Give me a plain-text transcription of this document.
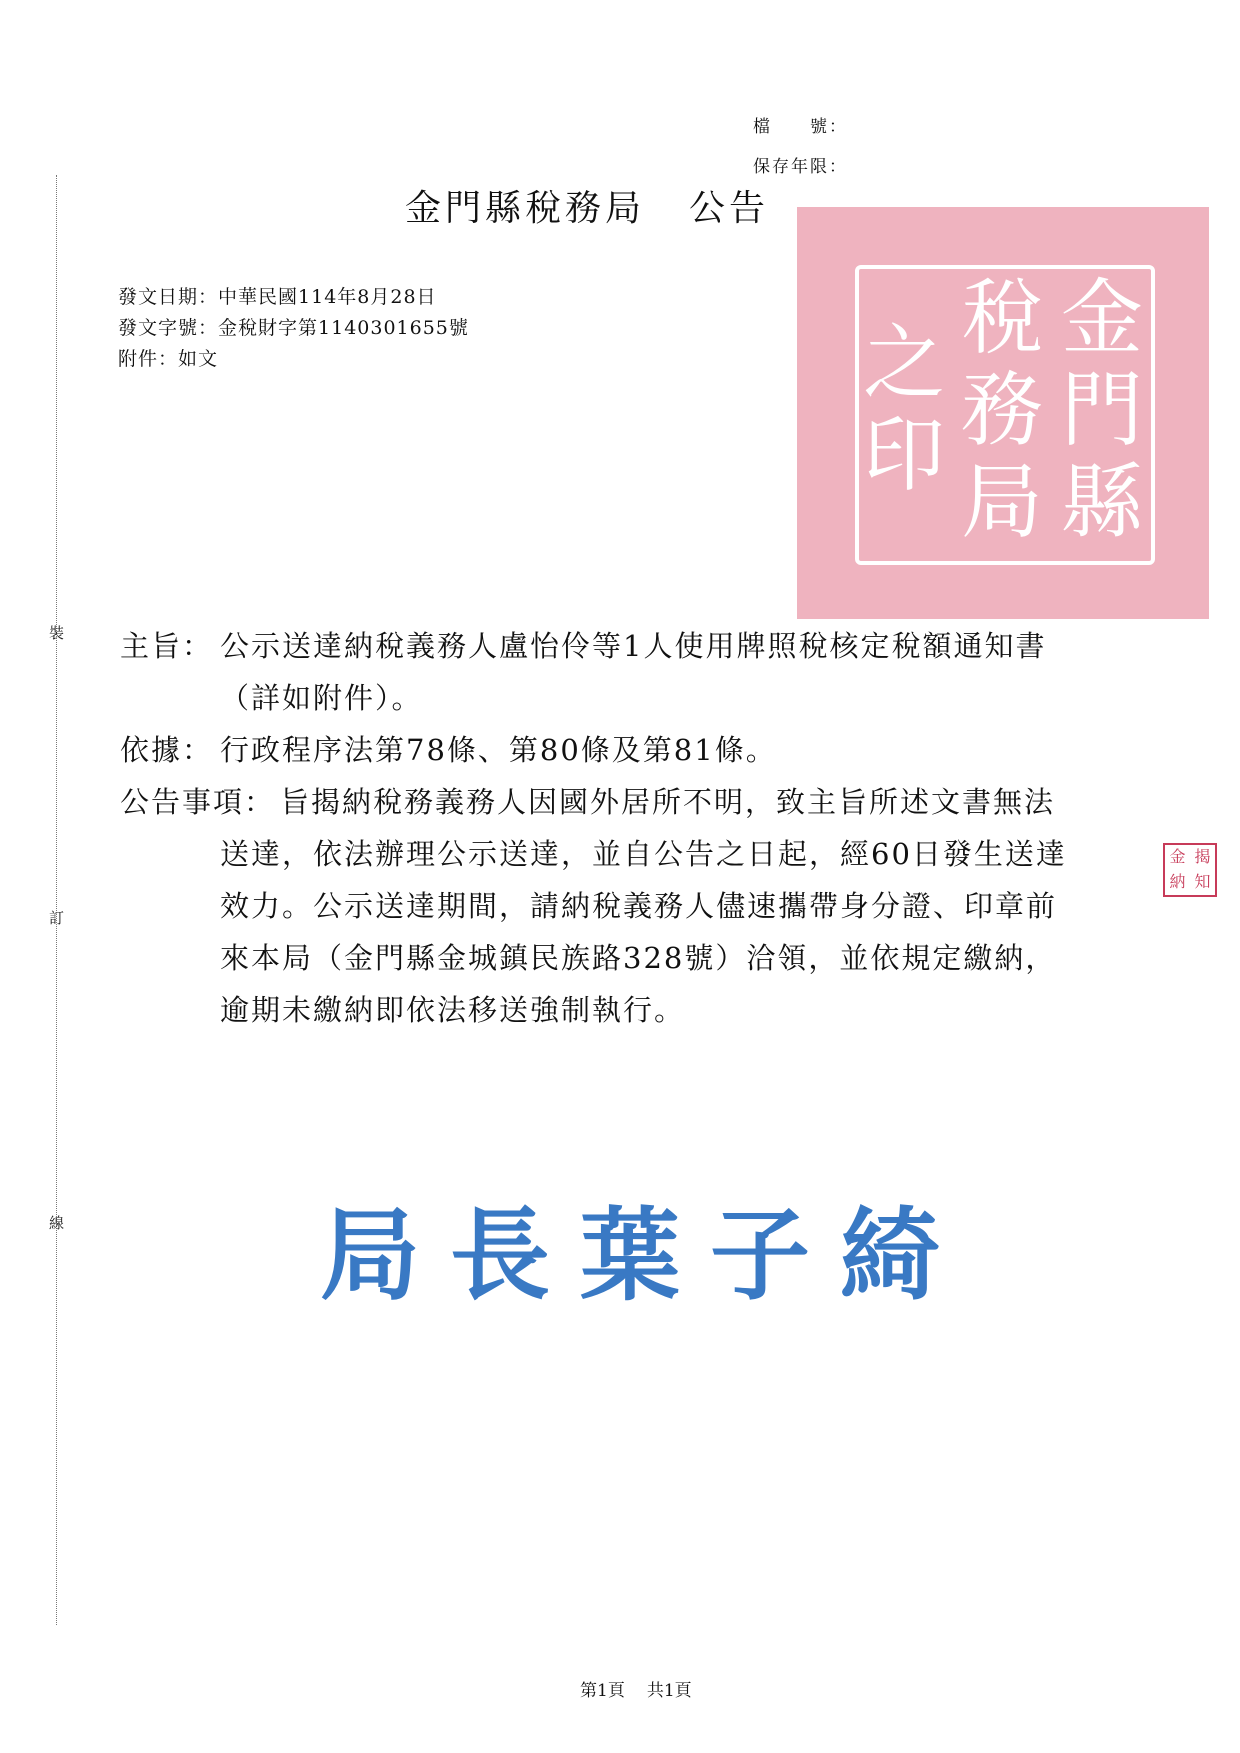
裝
訂
線
檔　　號：
保存年限：
金
門
縣
稅
務
局
之
印
金門縣稅務局 公告
發文日期：中華民國114年8月28日
發文字號：金稅財字第1140301655號
附件：如文
主旨： 公示送達納稅義務人盧怡伶等1人使用牌照稅核定稅額通知書（詳如附件）。
依據： 行政程序法第78條、第80條及第81條。
公告事項： 旨揭納稅務義務人因國外居所不明，致主旨所述文書無法送達，依法辦理公示送達，並自公告之日起，經60日發生送達效力。公示送達期間，請納稅義務人儘速攜帶身分證、印章前來本局（金門縣金城鎮民族路328號）洽領，並依規定繳納，逾期未繳納即依法移送強制執行。
金 揭
納 知
局長葉子綺
第1頁 共1頁
